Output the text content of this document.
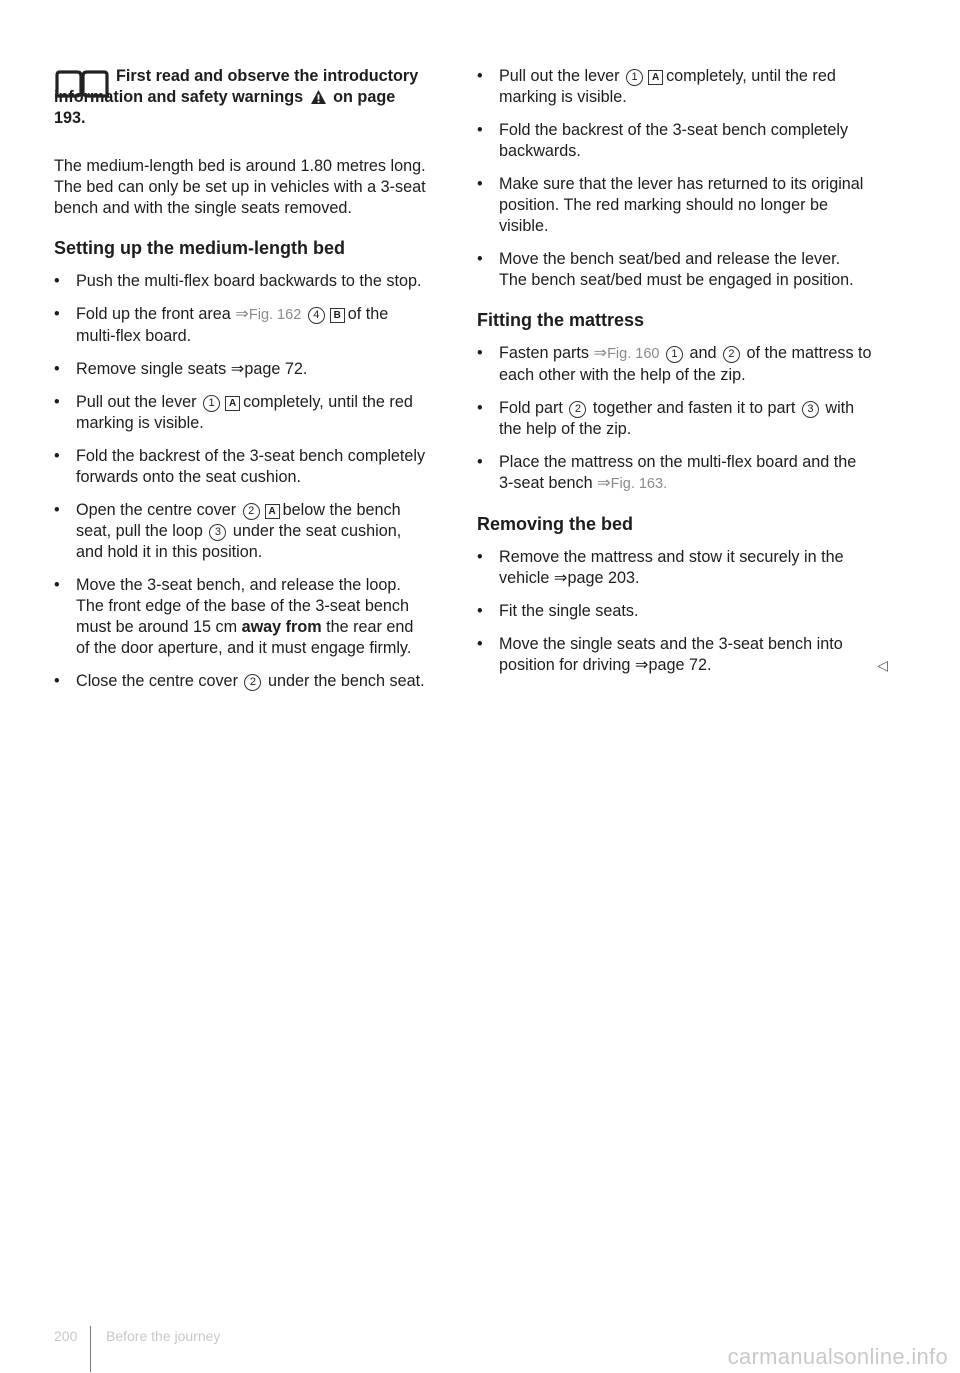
First read and observe the introductory information and safety warnings on page 193.

The medium-length bed is around 1.80 metres long. The bed can only be set up in vehicles with a 3-seat bench and with the single seats removed.

Setting up the medium-length bed
• Push the multi-flex board backwards to the stop.
• Fold up the front area ⇒Fig. 162 4 B of the multi-flex board.
• Remove single seats ⇒page 72.
• Pull out the lever 1 A completely, until the red marking is visible.
• Fold the backrest of the 3-seat bench completely forwards onto the seat cushion.
• Open the centre cover 2 A below the bench seat, pull the loop 3 under the seat cushion, and hold it in this position.
• Move the 3-seat bench, and release the loop. The front edge of the base of the 3-seat bench must be around 15 cm away from the rear end of the door aperture, and it must engage firmly.
• Close the centre cover 2 under the bench seat.
• Pull out the lever 1 A completely, until the red marking is visible.
• Fold the backrest of the 3-seat bench completely backwards.
• Make sure that the lever has returned to its original position. The red marking should no longer be visible.
• Move the bench seat/bed and release the lever. The bench seat/bed must be engaged in position.
Fitting the mattress
• Fasten parts ⇒Fig. 160 1 and 2 of the mattress to each other with the help of the zip.
• Fold part 2 together and fasten it to part 3 with the help of the zip.
• Place the mattress on the multi-flex board and the 3-seat bench ⇒Fig. 163.
Removing the bed
• Remove the mattress and stow it securely in the vehicle ⇒page 203.
• Fit the single seats.
• Move the single seats and the 3-seat bench into position for driving ⇒page 72.	◁
200 Before the journey
carmanualsonline.info
